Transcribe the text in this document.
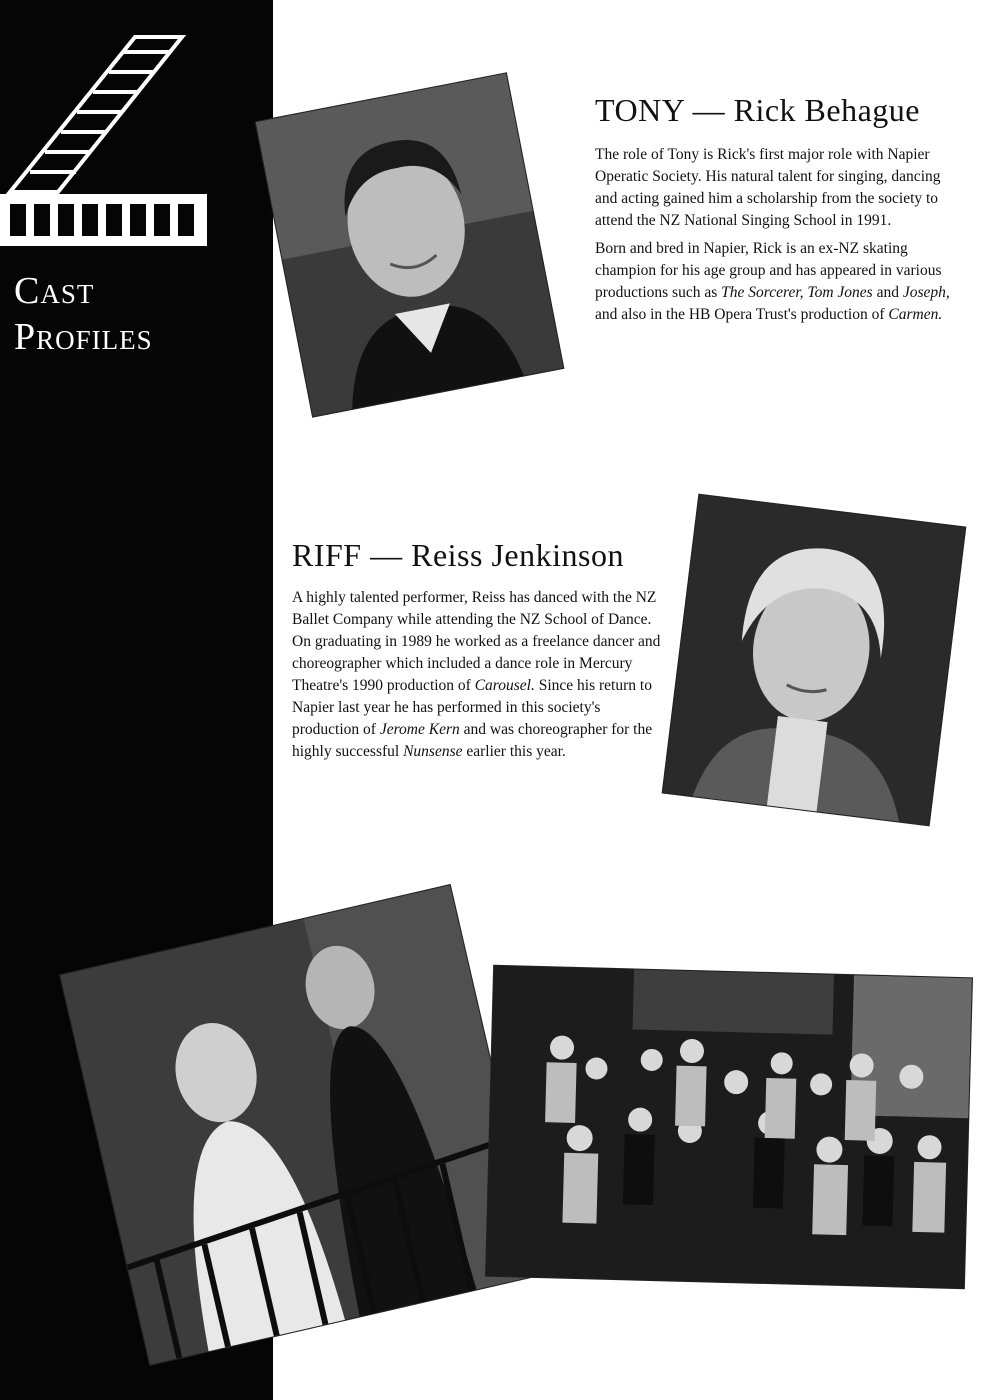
Cast
Profiles
TONY — Rick Behague

The role of Tony is Rick's first major role with Napier Operatic Society. His natural talent for singing, dancing and acting gained him a scholarship from the society to attend the NZ National Singing School in 1991.

Born and bred in Napier, Rick is an ex-NZ skating champion for his age group and has appeared in various productions such as The Sorcerer, Tom Jones and Joseph, and also in the HB Opera Trust's production of Carmen.

RIFF — Reiss Jenkinson

A highly talented performer, Reiss has danced with the NZ Ballet Company while attending the NZ School of Dance. On graduating in 1989 he worked as a freelance dancer and choreographer which included a dance role in Mercury Theatre's 1990 production of Carousel. Since his return to Napier last year he has performed in this society's production of Jerome Kern and was choreographer for the highly successful Nunsense earlier this year.
